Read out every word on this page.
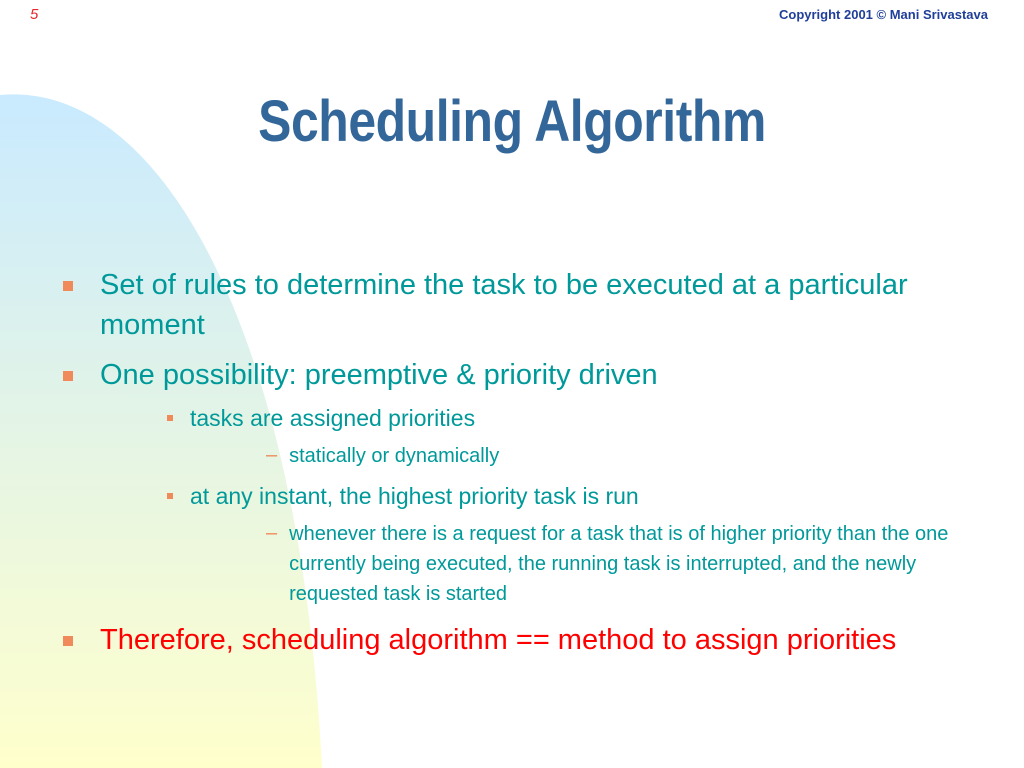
5	Copyright 2001 © Mani Srivastava
Scheduling Algorithm
Set of rules to determine the task to be executed at a particular moment
One possibility: preemptive & priority driven
tasks are assigned priorities
– statically or dynamically
at any instant, the highest priority task is run
– whenever there is a request for a task that is of higher priority than the one currently being executed, the running task is interrupted, and the newly requested task is started
Therefore, scheduling algorithm == method to assign priorities
